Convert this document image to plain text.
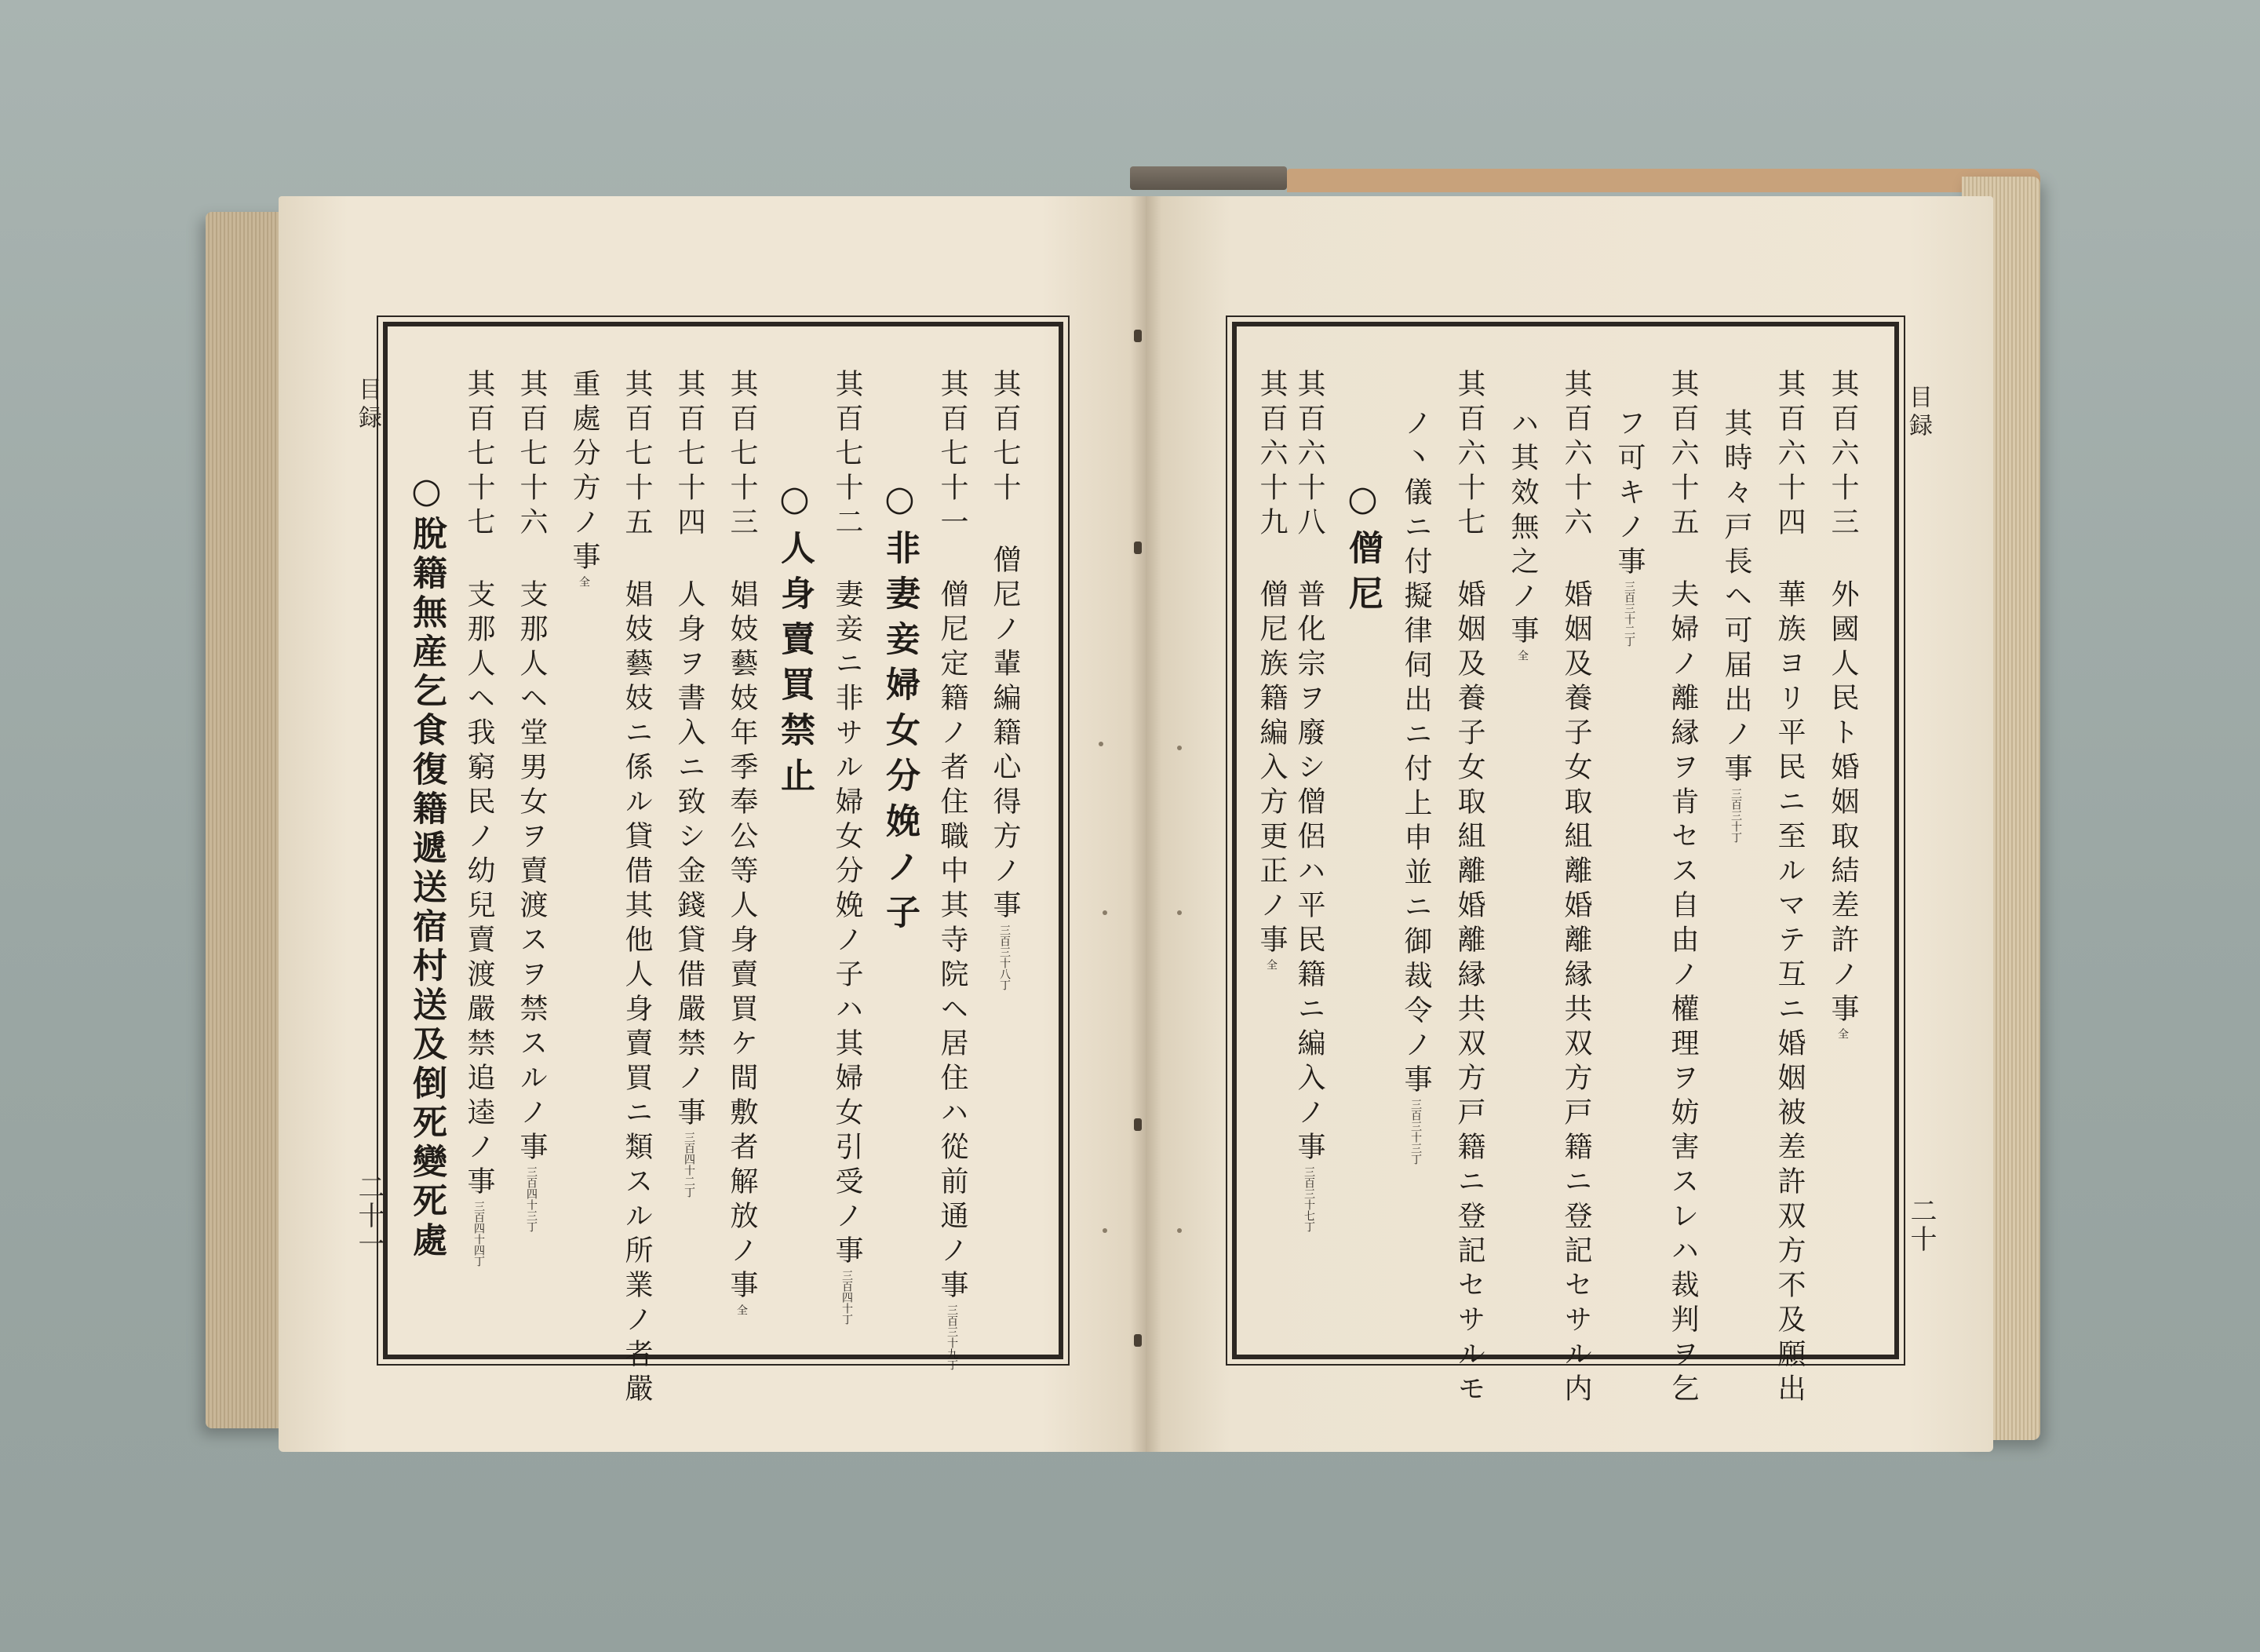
目録	目録
二十一	二十
其百六十三外國人民ト婚姻取結差許ノ事全
其百六十四華族ヨリ平民ニ至ルマテ互ニ婚姻被差許双方不及願出
其時々戸長ヘ可届出ノ事三百三十丁
其百六十五夫婦ノ離縁ヲ肯セス自由ノ權理ヲ妨害スレハ裁判ヲ乞
フ可キノ事三百三十二丁
其百六十六婚姻及養子女取組離婚離縁共双方戸籍ニ登記セサル内
ハ其效無之ノ事全
其百六十七婚姻及養子女取組離婚離縁共双方戸籍ニ登記セサルモ
ノ丶儀ニ付擬律伺出ニ付上申並ニ御裁令ノ事三百三十三丁
○僧尼
其百六十八普化宗ヲ廢シ僧侶ハ平民籍ニ編入ノ事三百三十七丁
其百六十九僧尼族籍編入方更正ノ事全
其百七十僧尼ノ輩編籍心得方ノ事三百三十八丁
其百七十一僧尼定籍ノ者住職中其寺院ヘ居住ハ從前通ノ事三百三十九丁
○非妻妾婦女分娩ノ子
其百七十二妻妾ニ非サル婦女分娩ノ子ハ其婦女引受ノ事三百四十丁
○人身賣買禁止
其百七十三娼妓藝妓年季奉公等人身賣買ケ間敷者解放ノ事全
其百七十四人身ヲ書入ニ致シ金錢貸借嚴禁ノ事三百四十二丁
其百七十五娼妓藝妓ニ係ル貸借其他人身賣買ニ類スル所業ノ者嚴
重處分方ノ事全
其百七十六支那人ヘ堂男女ヲ賣渡スヲ禁スルノ事三百四十三丁
其百七十七支那人ヘ我窮民ノ幼兒賣渡嚴禁追逵ノ事三百四十四丁
○脫籍無産乞食復籍遞送宿村送及倒死變死處
